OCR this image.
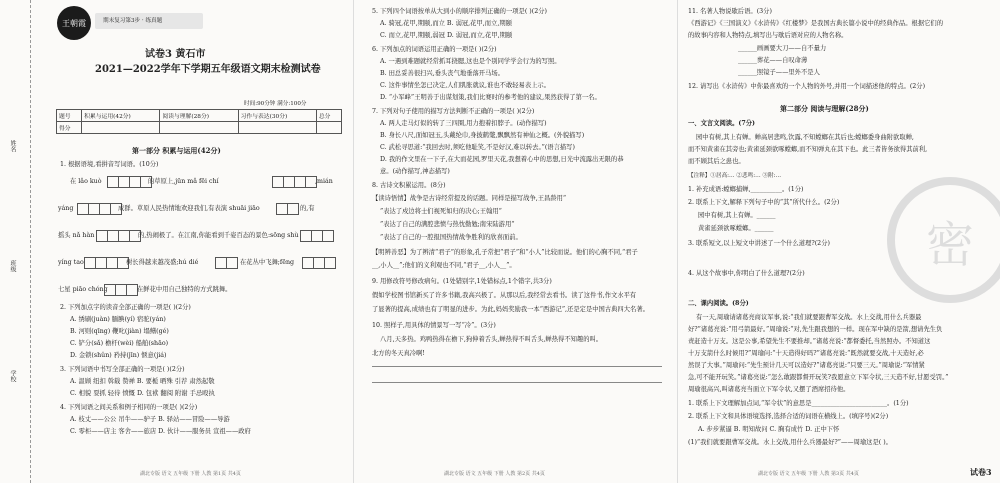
姓名
班级
学校
王朝霞	期末复习第3步 · 练真题
试卷3 黄石市
2021—2022学年下学期五年级语文期末检测试卷
时间:90分钟 满分:100分
题号	积累与运用(42分)	阅读与理解(28分)	习作与表达(30分)	总分
得分				
第一部分 积累与运用(42分)
1. 根据语境,看拼音写词语。(10分)
在 lǎo kuò	的草原上,jūn mǎ fēi chí	,mián
yáng	成群。草原人民热情地欢迎我们,有表演 shuāi jiāo	的,有
摇头 nǎ hàn	的,热闹极了。在江南,你能看到千姿百态的景色:sōng shù
yíng tao	树长得越来越茂盛;hú dié	在花丛中飞舞;fēng
七星 piāo chóng	在鲜花中用自己独特的方式跳舞。
2. 下列加点字的读音全部正确的一项是( )(2分)
A. 绣刷(juàn) 腼腆(yí) 宿驼(yán)
B. 河则(qīng) 鞭叱(jiàn) 塌鳝(gé)
C. 铲分(sǎ) 檐杆(wèi) 船舶(shāo)
D. 金锁(shǔn) 矜持(jīn) 惬意(jiá)
3. 下列词语中书写全部正确的一项是( )(2分)
A. 温顾 纽扣 斡载 赞禅 B. 要栀 晒殊 引荐 肃然起敬
C. 相貌 耍抓 轻待 愤慨 D. 包袱 翻阅 附谢 手忌殴执
4. 下列词语之间关系和例子相同的一项是( )(2分)
A. 枝丈——公公 吊牛——驴子 B. 驿站——冒险——导游
C. 零柜——店主 客舍——旅店 D. 伙计——服务员 宣祖——政府
湖北专版 语文 五年级 下册 人教 第1页 共4页
5. 下列四个词语按单从大到小的顺序排列正确的一项是( )(2分)
A. 骑冠,花甲,期颐,而立 B. 弱冠,花甲,而立,期颐
C. 而立,花甲,期颐,弱冠 D. 弱冠,而立,花甲,期颐
6. 下列加点的词语运用正确的一项是( )(2分)
A. 一遇到难题就经常抓耳挠腮,这也是个别同学学会行为的写照。
B. 田总妥善很扫兴,垂头丧气地垂落开马场。
C. 这件事情坐怎已决定,人们肌胀就议,谁也不敢轻易表上示。
D. “小军峰”王明善于出谋划策,我们比赛时的参考他的建议,果然获得了第一名。
7. 下列对句子使用的描写方法判断不正确的一项是( )(2分)
A. 两人走马灯似的转了三四圈,用力抱着扣脖子。(动作描写)
B. 身长八尺,面如冠玉,头戴纶巾,身披鹤氅,飘飘然有神仙之概。(外貌描写)
C. 武松寻思道:“我回去时,须吃他耻笑,不是好汉,难以转去。”(语言描写)
D. 我的作文里在一下子,在大而花园,罗里天花,我想着心中的思想,日光中流露出无限的恭
意。(动作描写,神态描写)
8. 古诗文积累运用。(8分)
【读诗悟情】战争是古诗经常提及的话题。同样是描写战争,王昌龄用“
”表达了戍边将士们视死如归的决心;王翰用“
”表达了自己的满腔悲愤与热忱勤勉;南宋陆游用“
”表达了自己的一腔报国热情战争胜利的欣喜面前。
【明辨善恶】为了辨清“君子”的形象,孔子常把“君子”和“小人”比较而说。他们的心胸不同,“君子
__,小人__”;他们的义利观也不同,“君子__,小人__”。
9. 用修改符号修改病句。(1处错别字,1处错标点,1个错字,共3分)
假如学校图书馆新买了许多书籍,我高兴极了。从那以后,我经常去看书。读了这件书,作文水平有
了显著的提高,成绩也有了明显的进步。为此,妈妈奖励我一本“西游记”,还是定是中国古典四大名著。
10. 照样子,用具体的情景写一写“冷”。(3分)
八月,天多热。鸡鸭热得在檐下,狗伸着舌头,蝉热得不叫舌头,蝉热得不知趣的叫。
北方的冬天真冷啊!
湖北专版 语文 五年级 下册 人教 第2页 共4页
11. 名著人物说歇后语。(3分)
《西游记》《三国演义》《水浒传》《红楼梦》是我国古典长篇小说中的经典作品。根据它们的
的故事内容和人物特点,填写出与歇后语对应的人物名称。
______画画要大刀——自不量力
______葬花——自叹命薄
______照镜子——里外不是人
12. 请写出《水浒传》中你最喜欢的一个人物的外号,并用一个词描述他的特点。(2分)
第二部分 阅读与理解(28分)
一、文言文阅读。(7分)
园中有树,其上有蝉。蝉高居悲鸣,饮露,不知螳螂在其后也;螳螂委身曲附欲取蝉,
而不知黄雀在其旁也;黄雀延颈欲啄螳螂,而不知弹丸在其下也。此三者皆务欲得其前利,
而不顾其后之患也。
【注释】①居高:… ②悲鸣:… ③附:…
1. 补充成语:螳螂捕蝉,__________。(1分)
2. 联系上下文,解释下列句子中的“其”所代什么。(2分)
园中有树,其上有蝉。______
黄雀延颈欲啄螳螂。______
3. 联系短文,以上短文中讲述了一个什么道理?(2分)
4. 从这个故事中,你明白了什么道理?(2分)
二、课内阅读。(8分)
有一天,周瑜请诸葛亮商议军事,说:“我们就要跟曹军交战。水上交战,用什么兵器最
好?”诸葛亮说:“用弓箭最好。”周瑜说:“对,先生跟我想的一样。现在军中缺的是箭,想请先生负
责赶造十万支。这是公事,希望先生不要推却。”诸葛亮说:“都督委托,当然照办。不知道这
十万支箭什么时候用?”周瑜问:“十天造得好吗?”诸葛亮说:“既然就要交战,十天造好,必
然误了大事。”周瑜问:“先生预计几天可以造好?”诸葛亮说:“只要三天。”周瑜说:“军情紧
急,可不能开玩笑。”诸葛亮说:“怎么敢跟都督开玩笑?我愿意立下军令状,三天造不好,甘愿受罚。”
周瑜很高兴,叫诸葛亮当面立下军令状,又摆了酒席招待他。
1. 联系上下文理解加点词,“军令状”的意思是________________________。(1分)
2. 联系上下文和具体语境选择,选择合适的词语在横线上。(填序号)(2分)
A. 步步紧逼 B. 明知故问 C. 胸有成竹 D. 正中下怀
(1)“我们就要跟曹军交战。水上交战,用什么兵器最好?”——周瑜这是( )。
湖北专版 语文 五年级 下册 人教 第3页 共4页	试卷3
密
